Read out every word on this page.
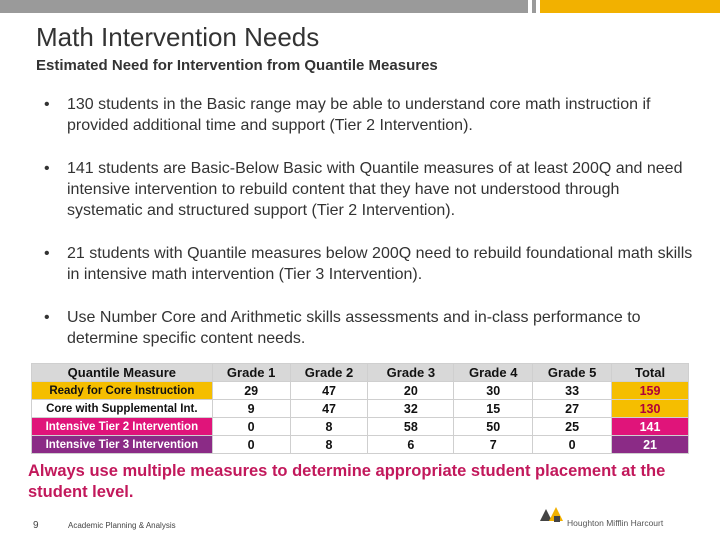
Math Intervention Needs
Estimated Need for Intervention from Quantile Measures
• 130 students in the Basic range may be able to understand core math instruction if provided additional time and support (Tier 2 Intervention).
• 141 students are Basic-Below Basic with Quantile measures of at least 200Q and need intensive intervention to rebuild content that they have not understood through systematic and structured support (Tier 2 Intervention).
• 21 students with Quantile measures below 200Q need to rebuild foundational math skills in intensive math intervention (Tier 3 Intervention).
• Use Number Core and Arithmetic skills assessments and in-class performance to determine specific content needs.
Quantile Measure	Grade 1	Grade 2	Grade 3	Grade 4	Grade 5	Total
Ready for Core Instruction	29	47	20	30	33	159
Core with Supplemental Int.	9	47	32	15	27	130
Intensive Tier 2 Intervention	0	8	58	50	25	141
Intensive Tier 3 Intervention	0	8	6	7	0	21
Always use multiple measures to determine appropriate student placement at the student level.
9	Academic Planning & Analysis	Houghton Mifflin Harcourt
